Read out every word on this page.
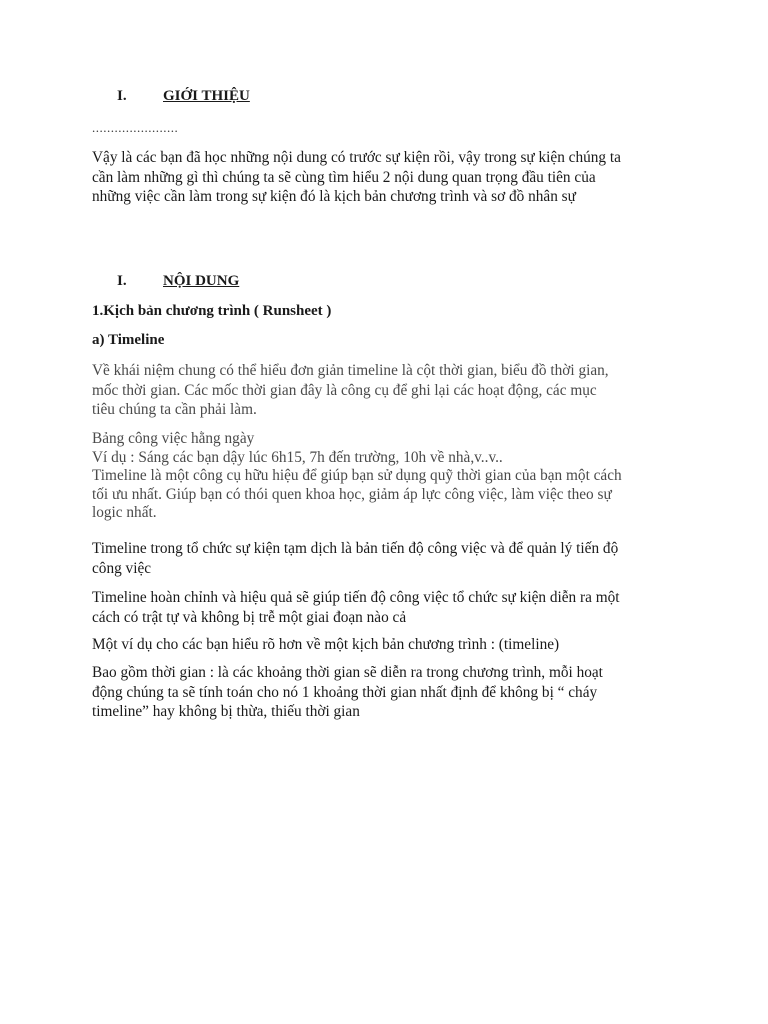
I.	GIỚI THIỆU
.......................
Vậy là các bạn đã học những nội dung có trước sự kiện rồi, vậy trong sự kiện chúng ta
cần làm những gì thì chúng ta sẽ cùng tìm hiểu 2 nội dung quan trọng đầu tiên của
những việc cần làm trong sự kiện đó là kịch bản chương trình và sơ đồ nhân sự
I.	NỘI DUNG
1.Kịch bản chương trình ( Runsheet )
a) Timeline
Về khái niệm chung có thể hiểu đơn giản timeline là cột thời gian, biểu đồ thời gian,
mốc thời gian. Các mốc thời gian đây là công cụ để ghi lại các hoạt động, các mục
tiêu chúng ta cần phải làm.
Bảng công việc hằng ngày
Ví dụ : Sáng các bạn dậy lúc 6h15, 7h đến trường, 10h về nhà,v..v..
Timeline là một công cụ hữu hiệu để giúp bạn sử dụng quỹ thời gian của bạn một cách
tối ưu nhất. Giúp bạn có thói quen khoa học, giảm áp lực công việc, làm việc theo sự
logic nhất.
Timeline trong tổ chức sự kiện tạm dịch là bản tiến độ công việc và để quản lý tiến độ
công việc
Timeline hoàn chỉnh và hiệu quả sẽ giúp tiến độ công việc tổ chức sự kiện diễn ra một
cách có trật tự và không bị trễ một giai đoạn nào cả
Một ví dụ cho các bạn hiểu rõ hơn về một kịch bản chương trình : (timeline)
Bao gồm thời gian : là các khoảng thời gian sẽ diễn ra trong chương trình, mỗi hoạt
động chúng ta sẽ tính toán cho nó 1 khoảng thời gian nhất định để không bị “ cháy
timeline” hay không bị thừa, thiếu thời gian
